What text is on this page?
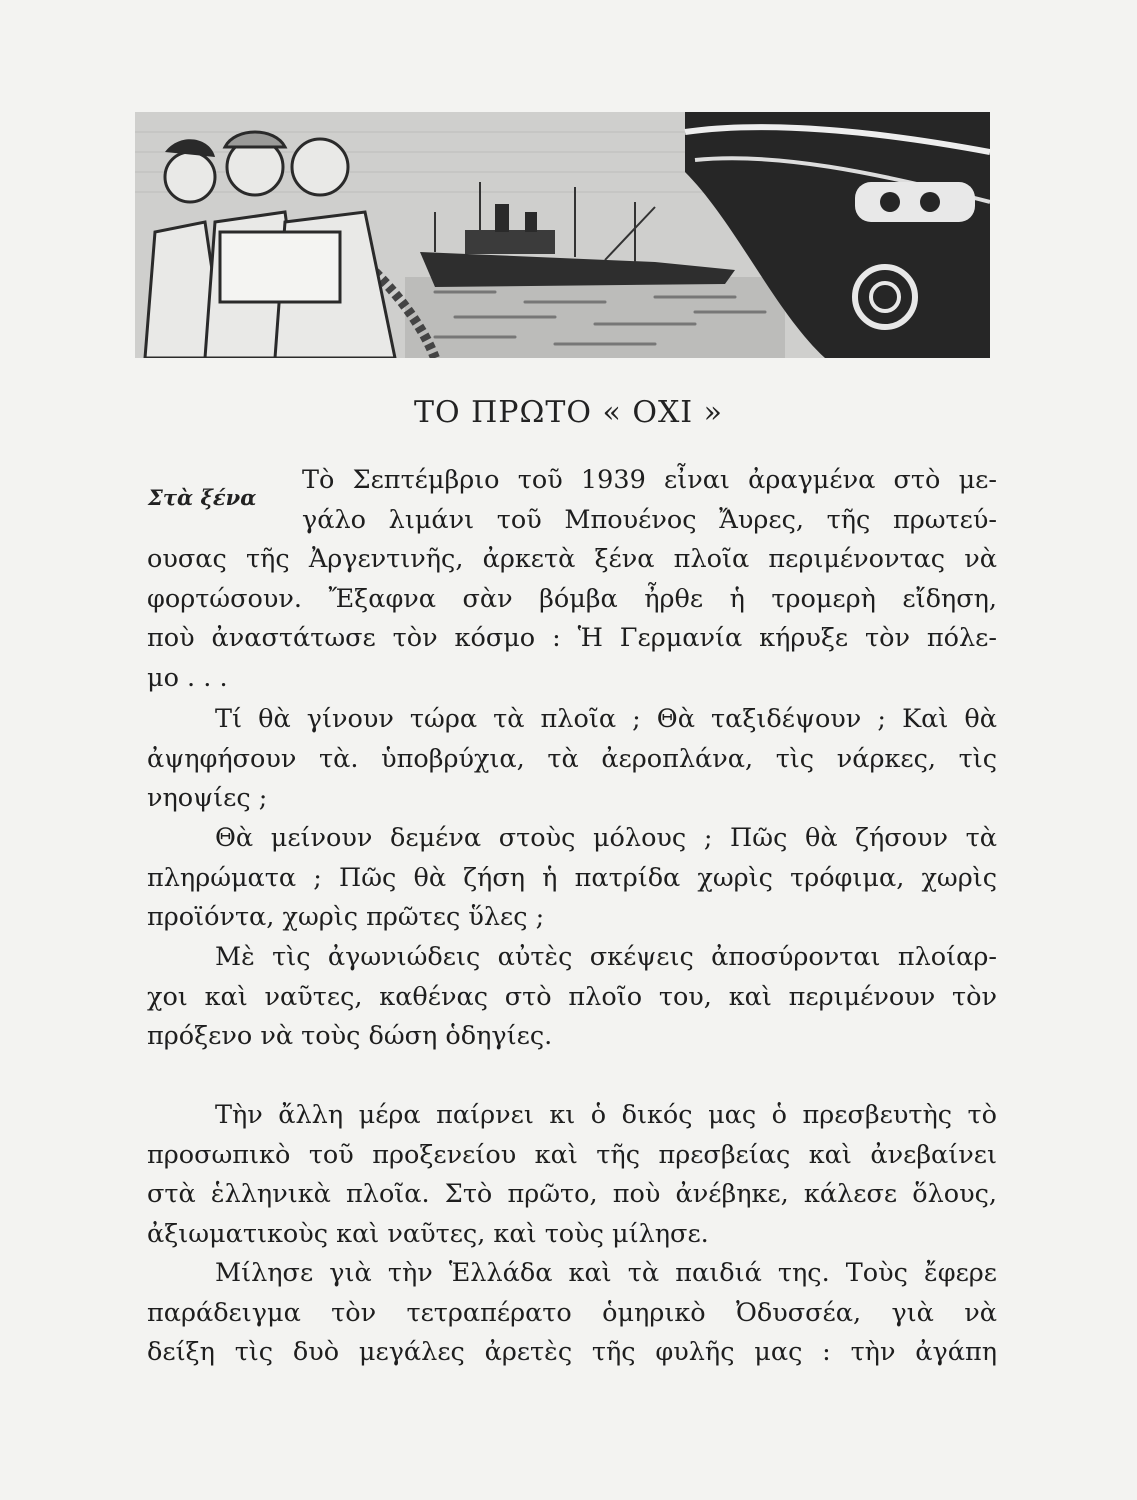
ΤΟ ΠΡΩΤΟ « ΟΧΙ »
Στὰ ξένα
Τὸ Σεπτέμβριο τοῦ 1939 εἶναι ἀραγμένα στὸ με-
γάλο λιμάνι τοῦ Μπουένος Ἄυρες, τῆς πρωτεύ-
ουσας τῆς Ἀργεντινῆς, ἀρκετὰ ξένα πλοῖα περιμένοντας νὰ
φορτώσουν. Ἔξαφνα σὰν βόμβα ἦρθε ἡ τρομερὴ εἴδηση,
ποὺ ἀναστάτωσε τὸν κόσμο : Ἡ Γερμανία κήρυξε τὸν πόλε-
μο . . .
Τί θὰ γίνουν τώρα τὰ πλοῖα ; Θὰ ταξιδέψουν ; Καὶ θὰ
ἀψηφήσουν τὰ. ὑποβρύχια, τὰ ἀεροπλάνα, τὶς νάρκες, τὶς
νηοψίες ;
Θὰ μείνουν δεμένα στοὺς μόλους ; Πῶς θὰ ζήσουν τὰ
πληρώματα ; Πῶς θὰ ζήση ἡ πατρίδα χωρὶς τρόφιμα, χωρὶς
προϊόντα, χωρὶς πρῶτες ὕλες ;
Μὲ τὶς ἀγωνιώδεις αὐτὲς σκέψεις ἀποσύρονται πλοίαρ-
χοι καὶ ναῦτες, καθένας στὸ πλοῖο του, καὶ περιμένουν τὸν
πρόξενο νὰ τοὺς δώση ὁδηγίες.
Τὴν ἄλλη μέρα παίρνει κι ὁ δικός μας ὁ πρεσβευτὴς τὸ
προσωπικὸ τοῦ προξενείου καὶ τῆς πρεσβείας καὶ ἀνεβαίνει
στὰ ἑλληνικὰ πλοῖα. Στὸ πρῶτο, ποὺ ἀνέβηκε, κάλεσε ὅλους,
ἀξιωματικοὺς καὶ ναῦτες, καὶ τοὺς μίλησε.
Μίλησε γιὰ τὴν Ἑλλάδα καὶ τὰ παιδιά της. Τοὺς ἔφερε
παράδειγμα τὸν τετραπέρατο ὁμηρικὸ Ὀδυσσέα, γιὰ νὰ
δείξη τὶς δυὸ μεγάλες ἀρετὲς τῆς φυλῆς μας : τὴν ἀγάπη
